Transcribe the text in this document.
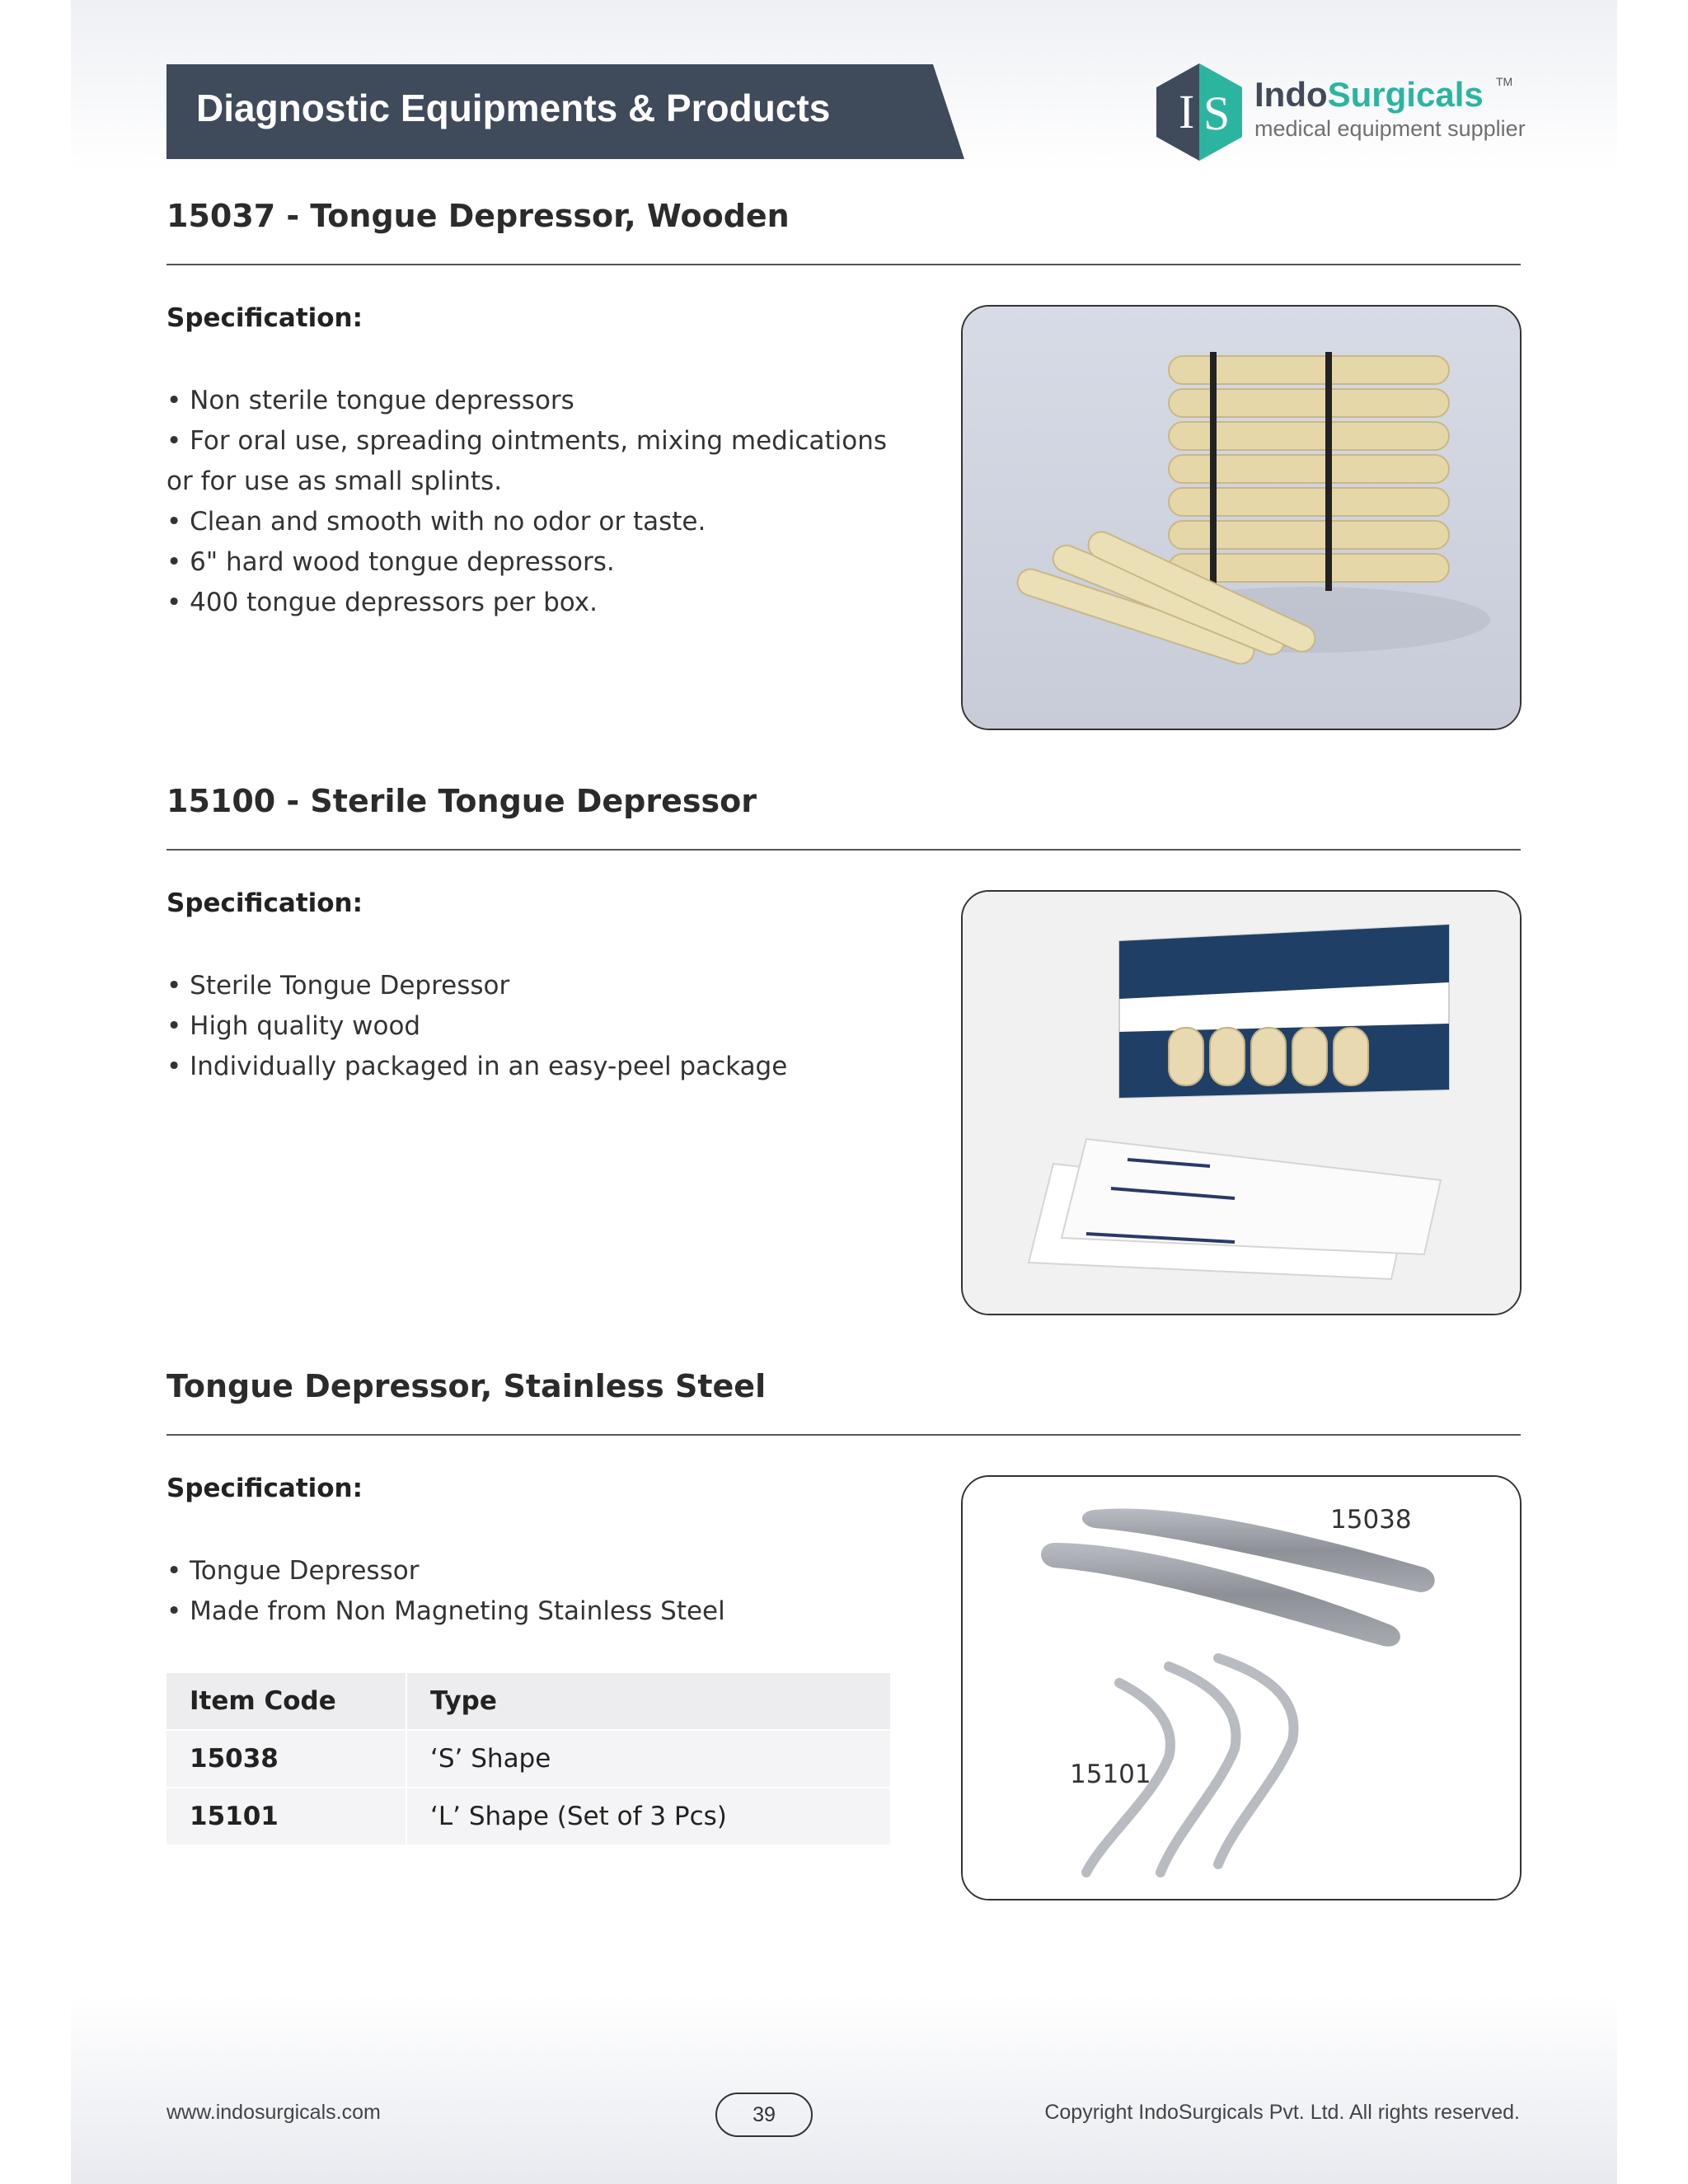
Diagnostic Equipments & Products	I S IndoSurgicals TM
medical equipment supplier
15037 - Tongue Depressor, Wooden
Specification:
• Non sterile tongue depressors
• For oral use, spreading ointments, mixing medications or for use as small splints.
• Clean and smooth with no odor or taste.
• 6" hard wood tongue depressors.
• 400 tongue depressors per box.
15100 - Sterile Tongue Depressor
Specification:
• Sterile Tongue Depressor
• High quality wood
• Individually packaged in an easy-peel package
Tongue Depressor, Stainless Steel
Specification:
• Tongue Depressor
• Made from Non Magneting Stainless Steel
Item Code	Type
15038	‘S’ Shape
15101	‘L’ Shape (Set of 3 Pcs)
15038
15101
www.indosurgicals.com	39	Copyright IndoSurgicals Pvt. Ltd. All rights reserved.
